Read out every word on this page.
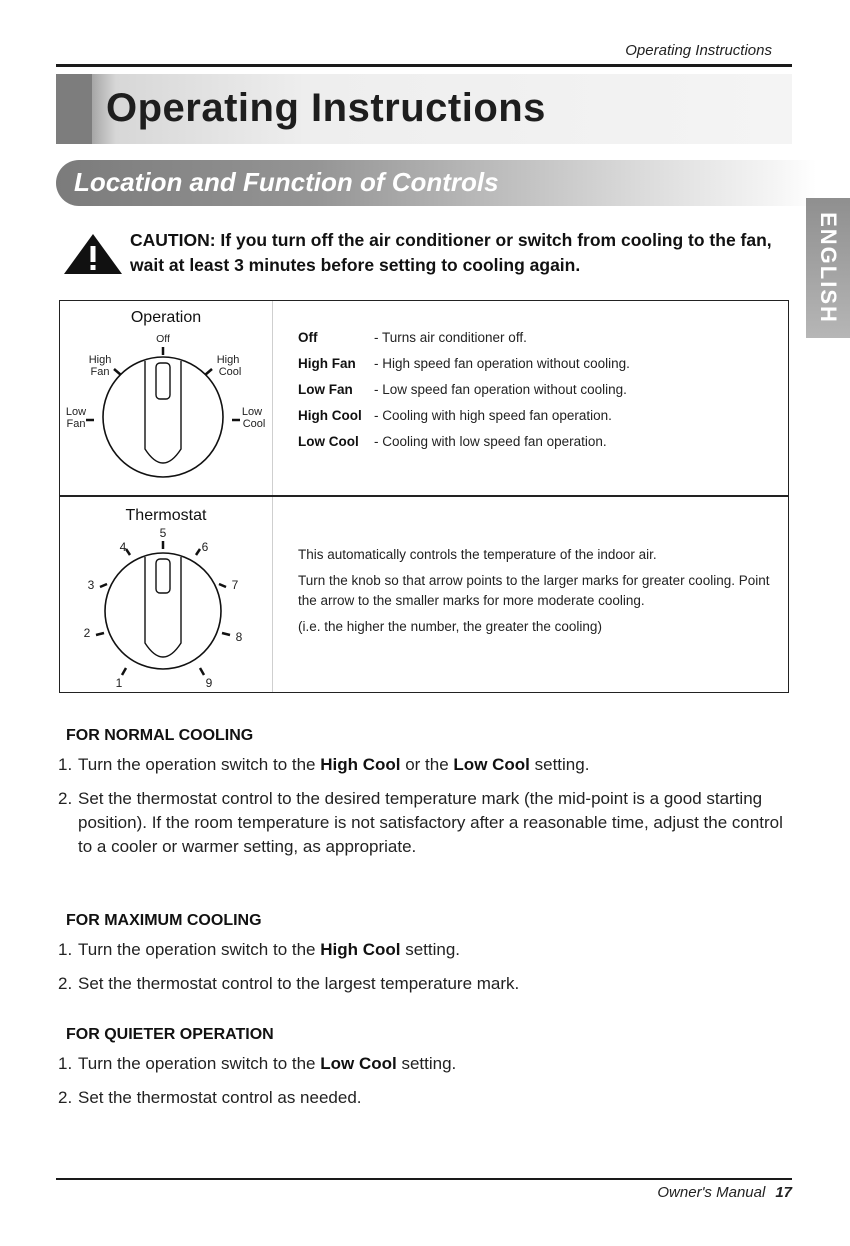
Operating Instructions
Operating Instructions
Location and Function of Controls
ENGLISH
CAUTION: If you turn off the air conditioner or switch from cooling to the fan, wait at least 3 minutes before setting to cooling again.
Operation
Off
High
Fan
High
Cool
Low
Fan
Low
Cool
Off	- Turns air conditioner off.
High Fan - High speed fan operation without cooling.
Low Fan - Low speed fan operation without cooling.
High Cool - Cooling with high speed fan operation.
Low Cool - Cooling with low speed fan operation.
Thermostat
5
4	6
3	7
2	8
1	9

This automatically controls the temperature of the indoor air.

Turn the knob so that arrow points to the larger marks for greater cooling. Point the arrow to the smaller marks for more moderate cooling.

(i.e. the higher the number, the greater the cooling)

FOR NORMAL COOLING
1. Turn the operation switch to the High Cool or the Low Cool setting.
2. Set the thermostat control to the desired temperature mark (the mid-point is a good starting position). If the room temperature is not satisfactory after a reasonable time, adjust the control to a cooler or warmer setting, as appropriate.
FOR MAXIMUM COOLING
1. Turn the operation switch to the High Cool setting.
2. Set the thermostat control to the largest temperature mark.
FOR QUIETER OPERATION
1. Turn the operation switch to the Low Cool setting.
2. Set the thermostat control as needed.
Owner's Manual 17
